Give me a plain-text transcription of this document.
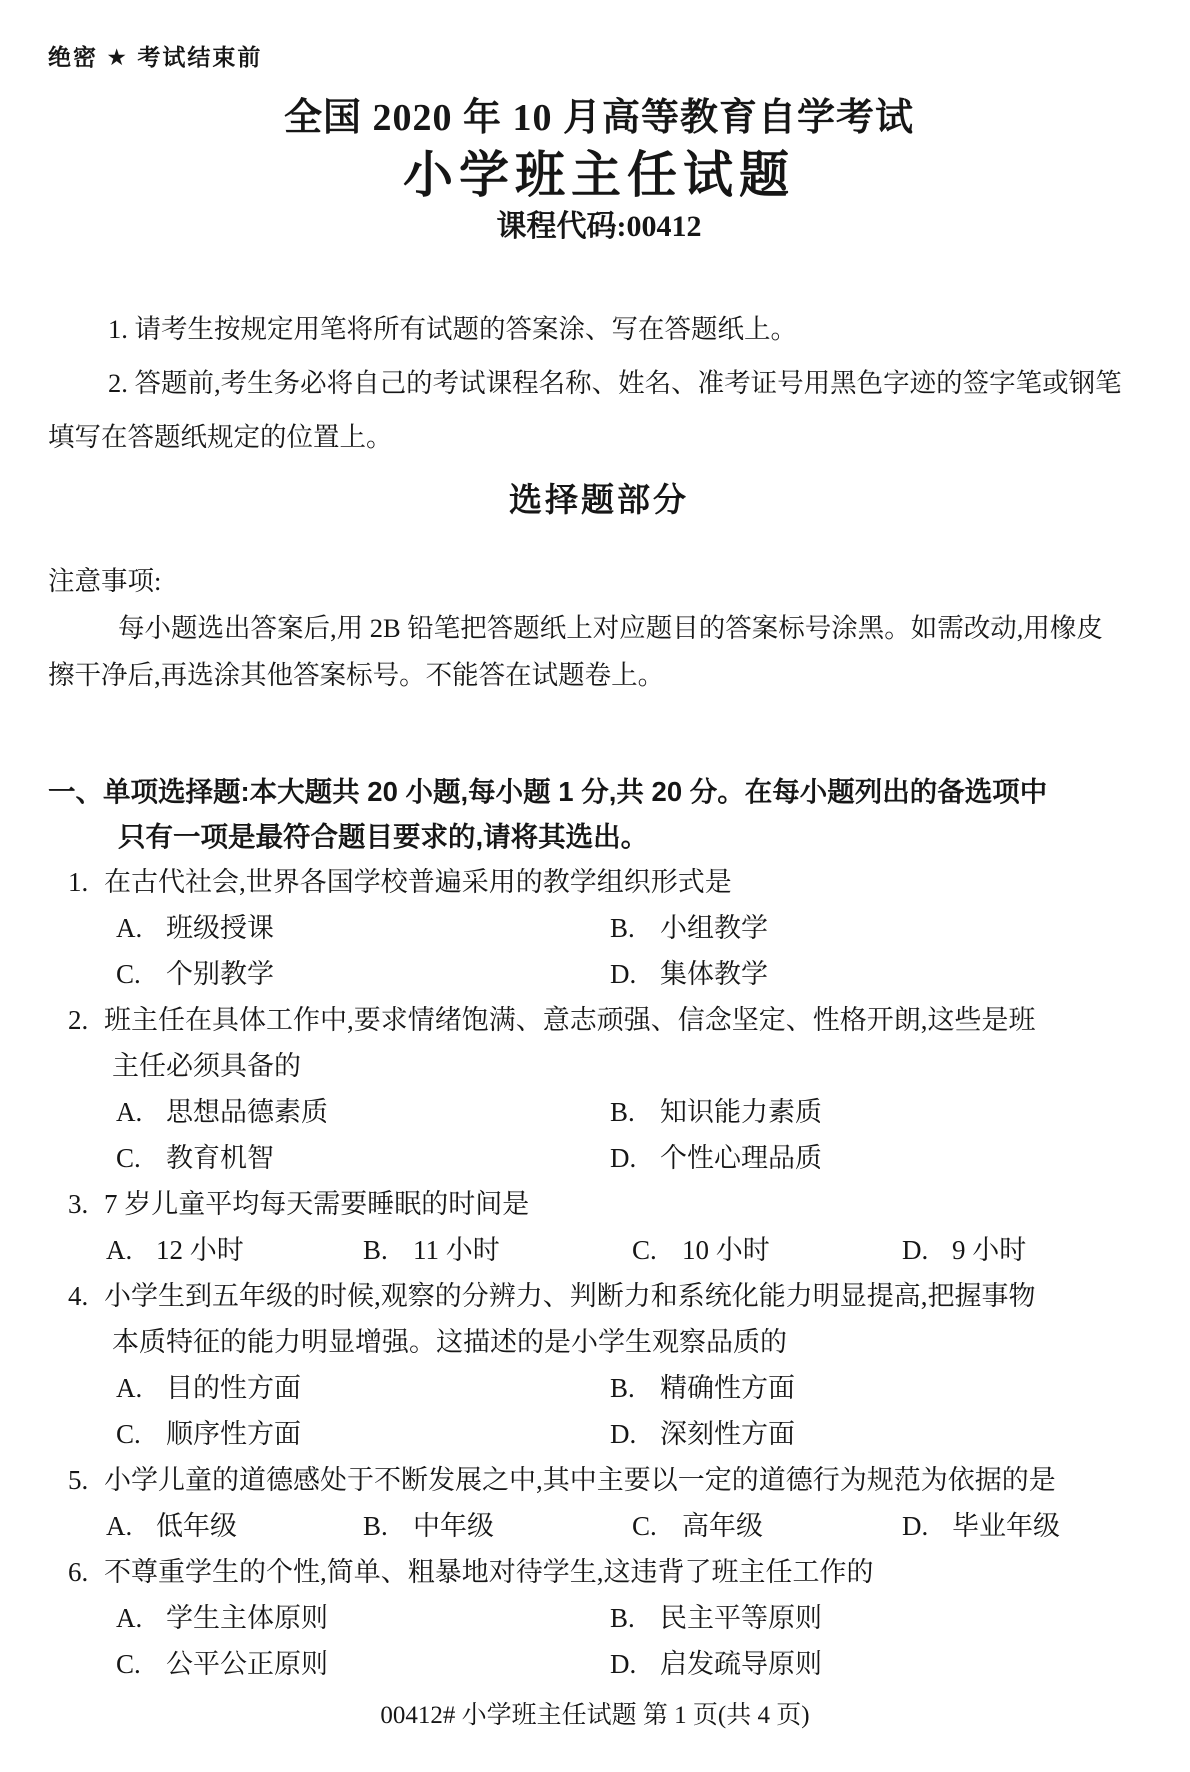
绝密 ★ 考试结束前
全国 2020 年 10 月高等教育自学考试
小学班主任试题
课程代码:00412
1. 请考生按规定用笔将所有试题的答案涂、写在答题纸上。
2. 答题前,考生务必将自己的考试课程名称、姓名、准考证号用黑色字迹的签字笔或钢笔
填写在答题纸规定的位置上。
选择题部分
注意事项:
每小题选出答案后,用 2B 铅笔把答题纸上对应题目的答案标号涂黑。如需改动,用橡皮
擦干净后,再选涂其他答案标号。不能答在试题卷上。
一、单项选择题:本大题共 20 小题,每小题 1 分,共 20 分。在每小题列出的备选项中
只有一项是最符合题目要求的,请将其选出。
1. 在古代社会,世界各国学校普遍采用的教学组织形式是
A. 班级授课	B. 小组教学
C. 个别教学	D. 集体教学
2. 班主任在具体工作中,要求情绪饱满、意志顽强、信念坚定、性格开朗,这些是班
主任必须具备的
A. 思想品德素质	B. 知识能力素质
C. 教育机智	D. 个性心理品质
3. 7 岁儿童平均每天需要睡眠的时间是
A. 12 小时	B. 11 小时	C. 10 小时	D. 9 小时
4. 小学生到五年级的时候,观察的分辨力、判断力和系统化能力明显提高,把握事物
本质特征的能力明显增强。这描述的是小学生观察品质的
A. 目的性方面	B. 精确性方面
C. 顺序性方面	D. 深刻性方面
5. 小学儿童的道德感处于不断发展之中,其中主要以一定的道德行为规范为依据的是
A. 低年级	B. 中年级	C. 高年级	D. 毕业年级
6. 不尊重学生的个性,简单、粗暴地对待学生,这违背了班主任工作的
A. 学生主体原则	B. 民主平等原则
C. 公平公正原则	D. 启发疏导原则
00412# 小学班主任试题 第 1 页(共 4 页)
